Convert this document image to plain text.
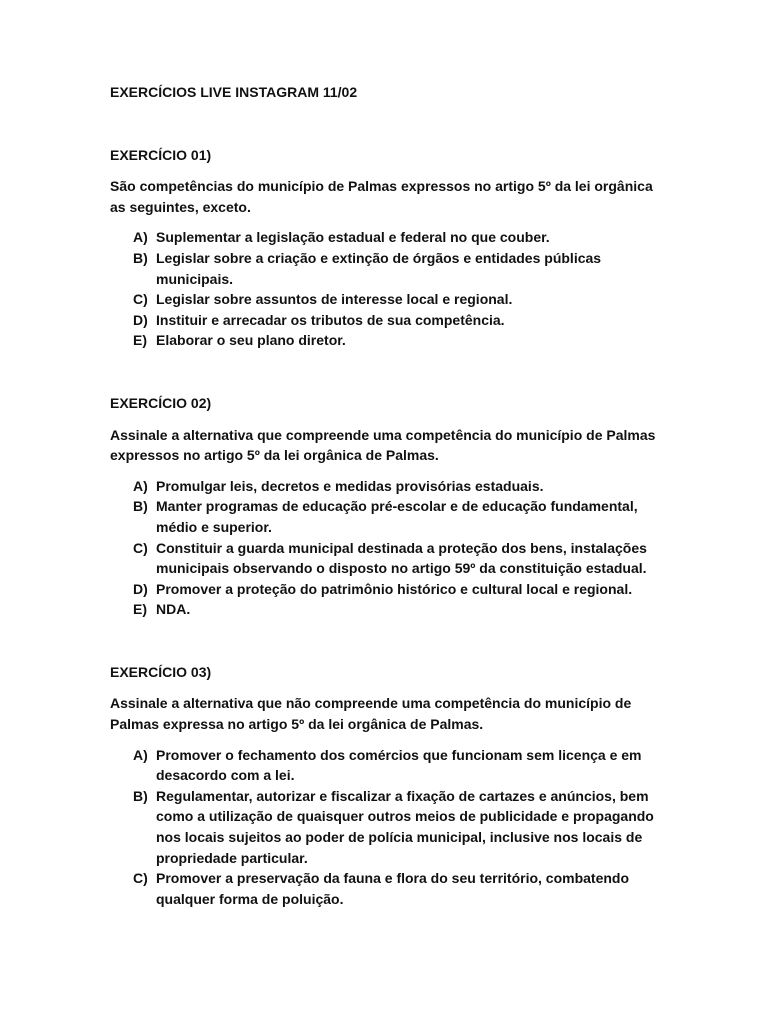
EXERCÍCIOS LIVE INSTAGRAM 11/02

EXERCÍCIO 01)

São competências do município de Palmas expressos no artigo 5º da lei orgânica as seguintes, exceto.

A) Suplementar a legislação estadual e federal no que couber.
B) Legislar sobre a criação e extinção de órgãos e entidades públicas municipais.
C) Legislar sobre assuntos de interesse local e regional.
D) Instituir e arrecadar os tributos de sua competência.
E) Elaborar o seu plano diretor.

EXERCÍCIO 02)

Assinale a alternativa que compreende uma competência do município de Palmas expressos no artigo 5º da lei orgânica de Palmas.

A) Promulgar leis, decretos e medidas provisórias estaduais.
B) Manter programas de educação pré-escolar e de educação fundamental, médio e superior.
C) Constituir a guarda municipal destinada a proteção dos bens, instalações municipais observando o disposto no artigo 59º da constituição estadual.
D) Promover a proteção do patrimônio histórico e cultural local e regional.
E) NDA.

EXERCÍCIO 03)

Assinale a alternativa que não compreende uma competência do município de Palmas expressa no artigo 5º da lei orgânica de Palmas.

A) Promover o fechamento dos comércios que funcionam sem licença e em desacordo com a lei.
B) Regulamentar, autorizar e fiscalizar a fixação de cartazes e anúncios, bem como a utilização de quaisquer outros meios de publicidade e propagando nos locais sujeitos ao poder de polícia municipal, inclusive nos locais de propriedade particular.
C) Promover a preservação da fauna e flora do seu território, combatendo qualquer forma de poluição.
